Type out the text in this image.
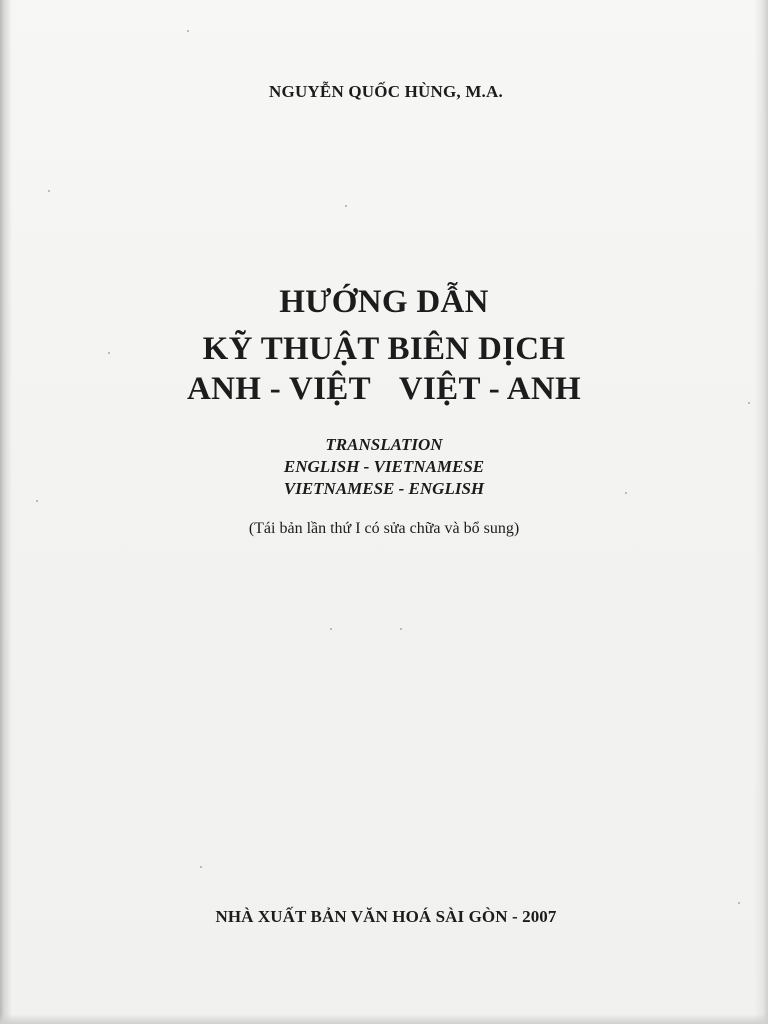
NGUYỄN QUỐC HÙNG, M.A.
HƯỚNG DẪN
KỸ THUẬT BIÊN DỊCH
ANH - VIỆT VIỆT - ANH
TRANSLATION
ENGLISH - VIETNAMESE
VIETNAMESE - ENGLISH
(Tái bản lần thứ I có sửa chữa và bổ sung)
NHÀ XUẤT BẢN VĂN HOÁ SÀI GÒN - 2007
